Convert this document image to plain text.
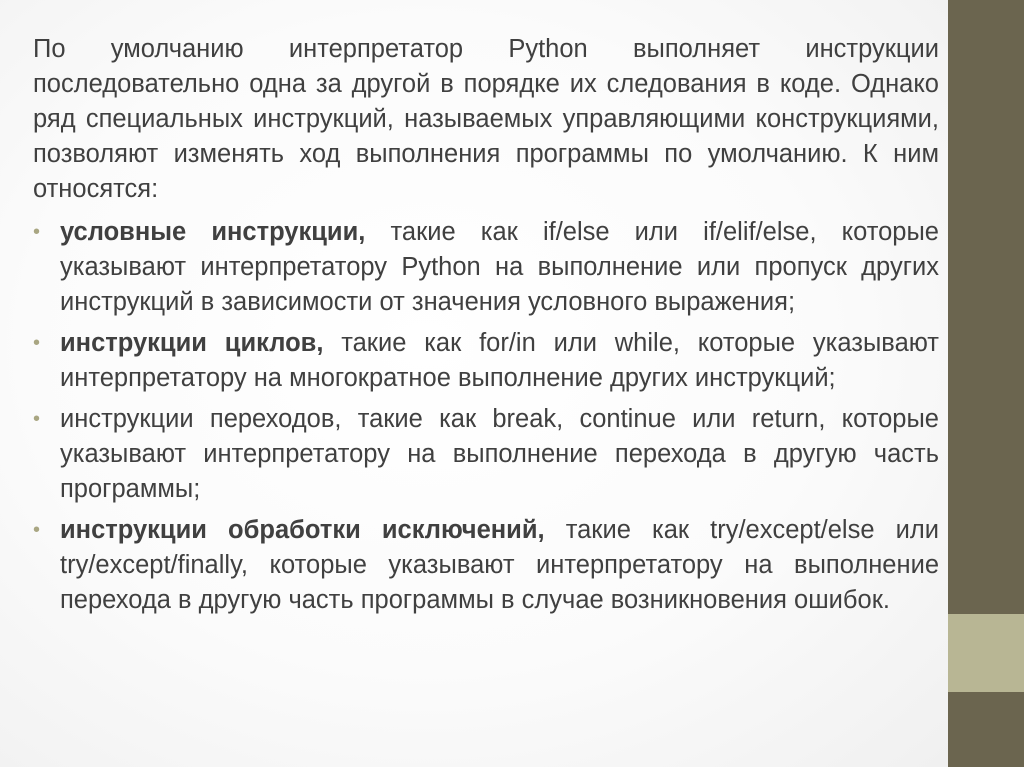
По умолчанию интерпретатор Python выполняет инструкции последовательно одна за другой в порядке их следования в коде. Однако ряд специальных инструкций, называемых управляющими конструкциями, позволяют изменять ход выполнения программы по умолчанию. К ним относятся:

• условные инструкции, такие как if/else или if/elif/else, которые указывают интерпретатору Python на выполнение или пропуск других инструкций в зависимости от значения условного выражения;
• инструкции циклов, такие как for/in или while, которые указывают интерпретатору на многократное выполнение других инструкций;
• инструкции переходов, такие как break, continue или return, которые указывают интерпретатору на выполнение перехода в другую часть программы;
• инструкции обработки исключений, такие как try/except/else или try/except/finally, которые указывают интерпретатору на выполнение перехода в другую часть программы в случае возникновения ошибок.
